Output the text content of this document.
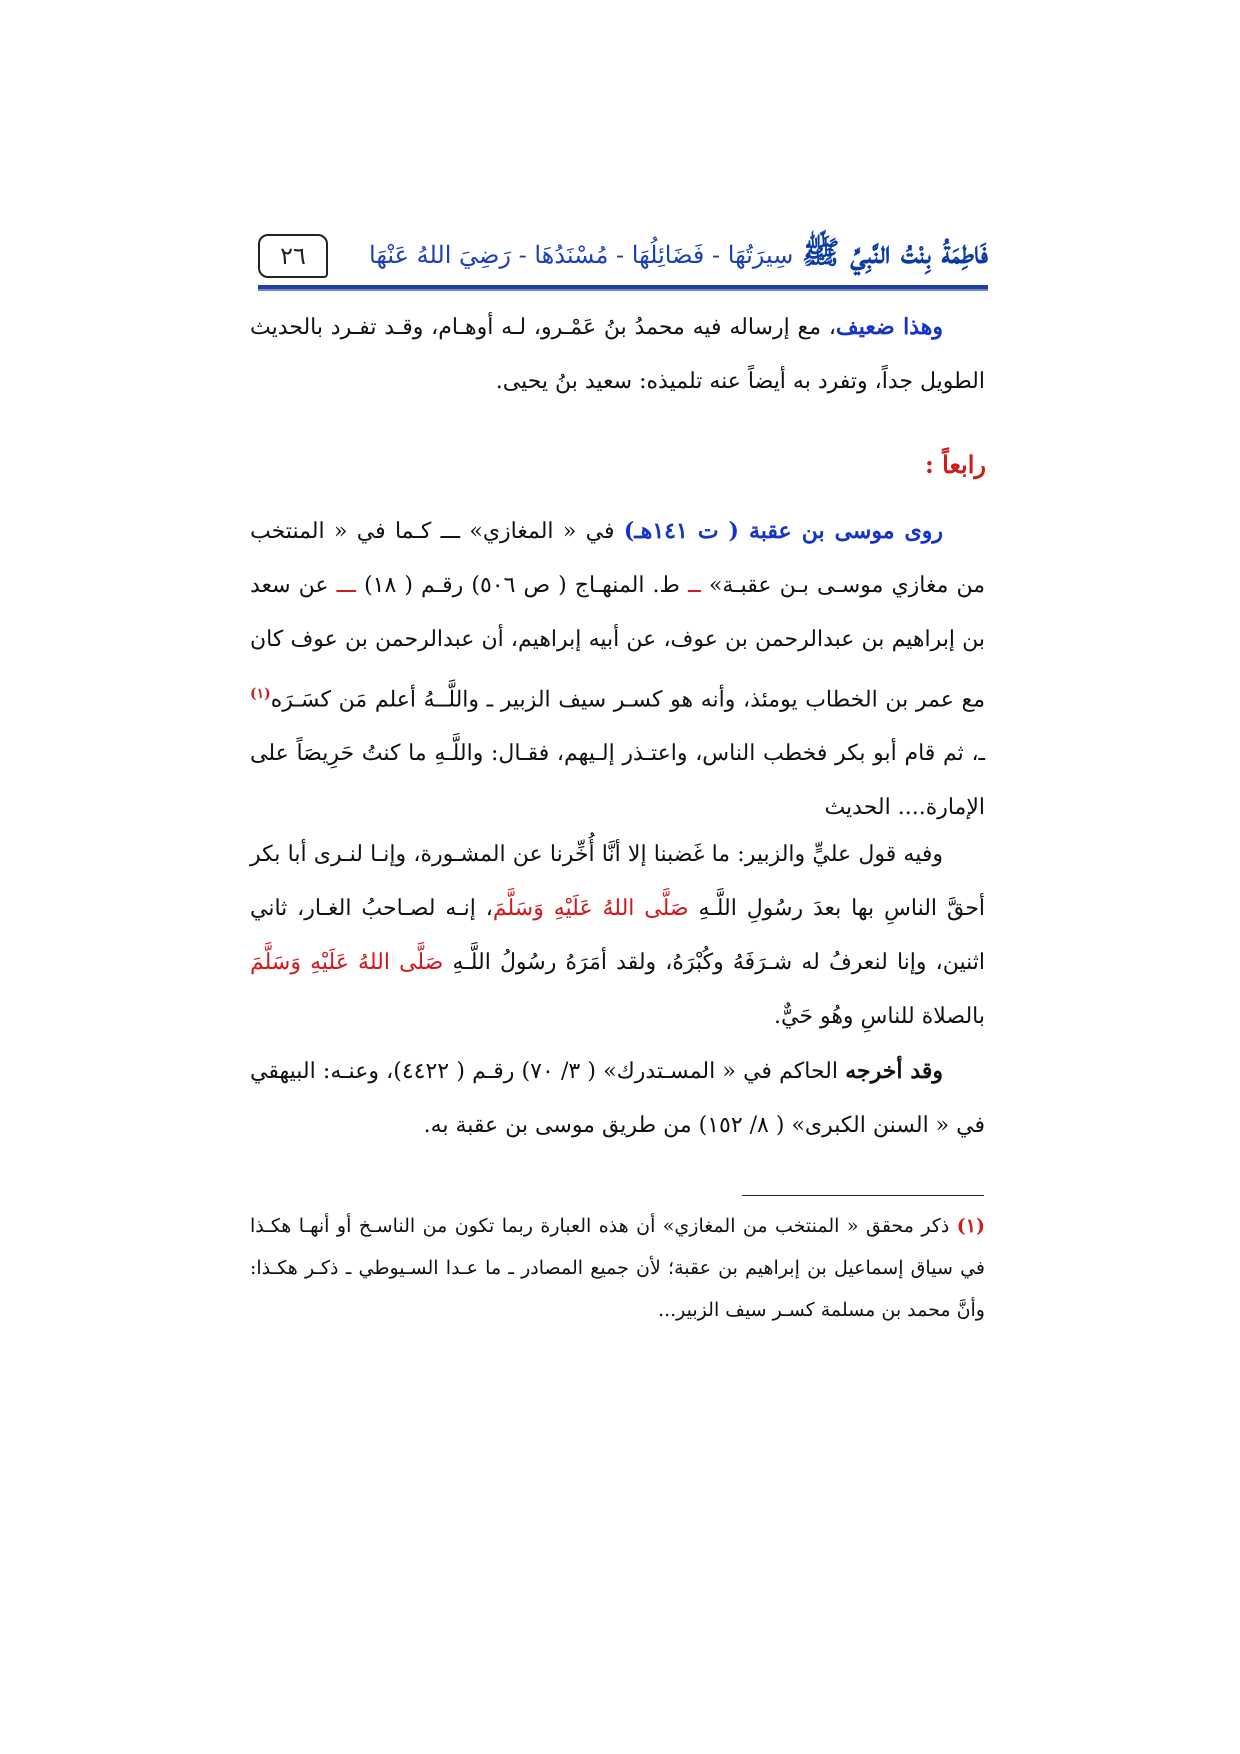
٢٦	فَاطِمَةُ بِنْتُ النَّبِيِّ ﷺ سِيرَتُهَا - فَضَائِلُهَا - مُسْنَدُهَا - رَضِيَ اللهُ عَنْهَا

وهذا ضعيف، مع إرساله فيه محمدُ بنُ عَمْـرو، لـه أوهـام، وقـد تفـرد بالحديث الطويل جداً، وتفرد به أيضاً عنه تلميذه: سعيد بنُ يحيى.

رابعاً :

روى موسى بن عقبة ( ت ١٤١هـ) في « المغازي» ـــ كـما في « المنتخب من مغازي موسـى بـن عقبـة» ــ ط. المنهـاج ( ص ٥٠٦) رقـم ( ١٨) ـــ عن سعد بن إبراهيم بن عبدالرحمن بن عوف، عن أبيه إبراهيم، أن عبدالرحمن بن عوف كان مع عمر بن الخطاب يومئذ، وأنه هو كسـر سيف الزبير ـ واللَّــهُ أعلم مَن كسَـرَه$^{(١)}$ ـ، ثم قام أبو بكر فخطب الناس، واعتـذر إلـيهم، فقـال: واللَّـهِ ما كنتُ حَرِيصَاً على الإمارة.... الحديث

وفيه قول عليٍّ والزبير: ما غَضبنا إلا أنَّا أُخِّرنا عن المشـورة، وإنـا لنـرى أبا بكر أحقَّ الناسِ بها بعدَ رسُولِ اللَّـهِ صَلَّى اللهُ عَلَيْهِ وَسَلَّمَ، إنـه لصـاحبُ الغـار، ثاني اثنين، وإنا لنعرفُ له شـرَفَهُ وكُبْرَهُ، ولقد أمَرَهُ رسُولُ اللَّـهِ صَلَّى اللهُ عَلَيْهِ وَسَلَّمَ بالصلاة للناسِ وهُو حَيٌّ.

وقد أخرجه الحاكم في « المسـتدرك» ( ٣/ ٧٠) رقـم ( ٤٤٢٢)، وعنـه: البيهقي في « السنن الكبرى» ( ٨/ ١٥٢) من طريق موسى بن عقبة به.

(١) ذكر محقق « المنتخب من المغازي» أن هذه العبارة ربما تكون من الناسـخ أو أنهـا هكـذا في سياق إسماعيل بن إبراهيم بن عقبة؛ لأن جميع المصادر ـ ما عـدا السـيوطي ـ ذكـر هكـذا: وأنَّ محمد بن مسلمة كسـر سيف الزبير...
